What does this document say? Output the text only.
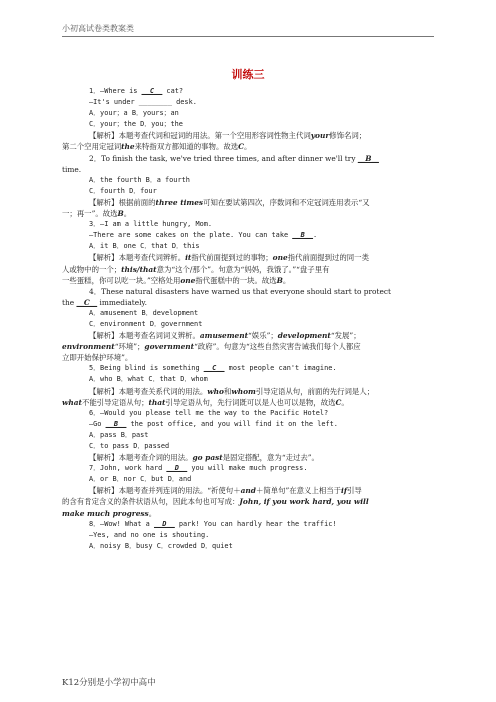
小初高试卷类教案类
训练三
1．—Where is __C__ cat?
—It's under ________ desk.
A．your；a B．yours；an
C．your；the D．you；the
【解析】本题考查代词和冠词的用法。第一个空用形容词性物主代词your修饰名词；
第二个空用定冠词the来特指双方都知道的事物。故选C。
2．To finish the task, we've tried three times, and after dinner we'll try __B__
time.
A．the fourth B．a fourth
C．fourth D．four
【解析】根据前面的three times可知在要试第四次，序数词和不定冠词连用表示“又
一；再一”。故选B。
3．—I am a little hungry, Mom.
—There are some cakes on the plate. You can take __B__.
A．it B．one C．that D．this
【解析】本题考查代词辨析。it指代前面提到过的事物；one指代前面提到过的同一类
人或物中的一个；this/that意为“这个/那个”。句意为“妈妈，我饿了。”“盘子里有
一些蛋糕，你可以吃一块。”空格处用one指代蛋糕中的一块。故选B。
4．These natural disasters have warned us that everyone should start to protect
the __C__ immediately.
A．amusement B．development
C．environment D．government
【解析】本题考查名词词义辨析。amusement“娱乐”；development“发展”；
environment“环境”；government“政府”。句意为“这些自然灾害告诫我们每个人都应
立即开始保护环境”。
5．Being blind is something __C__ most people can't imagine.
A．who B．what C．that D．whom
【解析】本题考查关系代词的用法。who和whom引导定语从句，前面的先行词是人；
what不能引导定语从句；that引导定语从句，先行词既可以是人也可以是物，故选C。
6．—Would you please tell me the way to the Pacific Hotel?
—Go __B__ the post office, and you will find it on the left.
A．pass B．past
C．to pass D．passed
【解析】本题考查介词的用法。go past是固定搭配，意为“走过去”。
7．John, work hard __D__ you will make much progress.
A．or B．nor C．but D．and
【解析】本题考查并列连词的用法。“祈使句＋and＋简单句”在意义上相当于if引导
的含有肯定含义的条件状语从句，因此本句也可写成：John, if you work hard, you will
make much progress。
8．—Wow! What a __D__ park! You can hardly hear the traffic!
—Yes, and no one is shouting.
A．noisy B．busy C．crowded D．quiet
K12分别是小学初中高中
